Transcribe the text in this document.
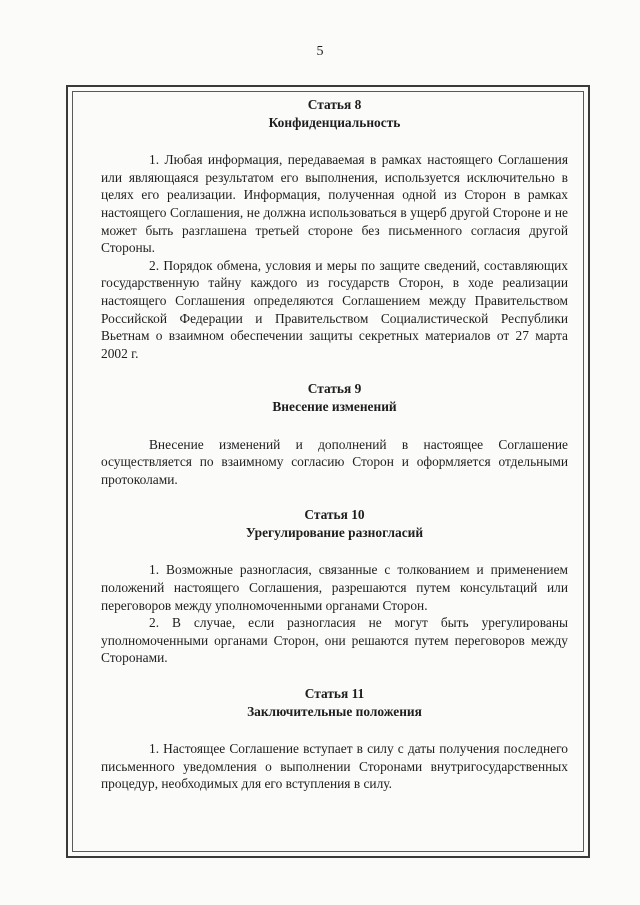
5

Статья 8

Конфиденциальность

1. Любая информация, передаваемая в рамках настоящего Соглашения или являющаяся результатом его выполнения, используется исключительно в целях его реализации. Информация, полученная одной из Сторон в рамках настоящего Соглашения, не должна использоваться в ущерб другой Стороне и не может быть разглашена третьей стороне без письменного согласия другой Стороны.

2. Порядок обмена, условия и меры по защите сведений, составляющих государственную тайну каждого из государств Сторон, в ходе реализации настоящего Соглашения определяются Соглашением между Правительством Российской Федерации и Правительством Социалистической Республики Вьетнам о взаимном обеспечении защиты секретных материалов от 27 марта 2002 г.

Статья 9

Внесение изменений

Внесение изменений и дополнений в настоящее Соглашение осуществляется по взаимному согласию Сторон и оформляется отдельными протоколами.

Статья 10

Урегулирование разногласий

1. Возможные разногласия, связанные с толкованием и применением положений настоящего Соглашения, разрешаются путем консультаций или переговоров между уполномоченными органами Сторон.

2. В случае, если разногласия не могут быть урегулированы уполномоченными органами Сторон, они решаются путем переговоров между Сторонами.

Статья 11

Заключительные положения

1. Настоящее Соглашение вступает в силу с даты получения последнего письменного уведомления о выполнении Сторонами внутригосударственных процедур, необходимых для его вступления в силу.
